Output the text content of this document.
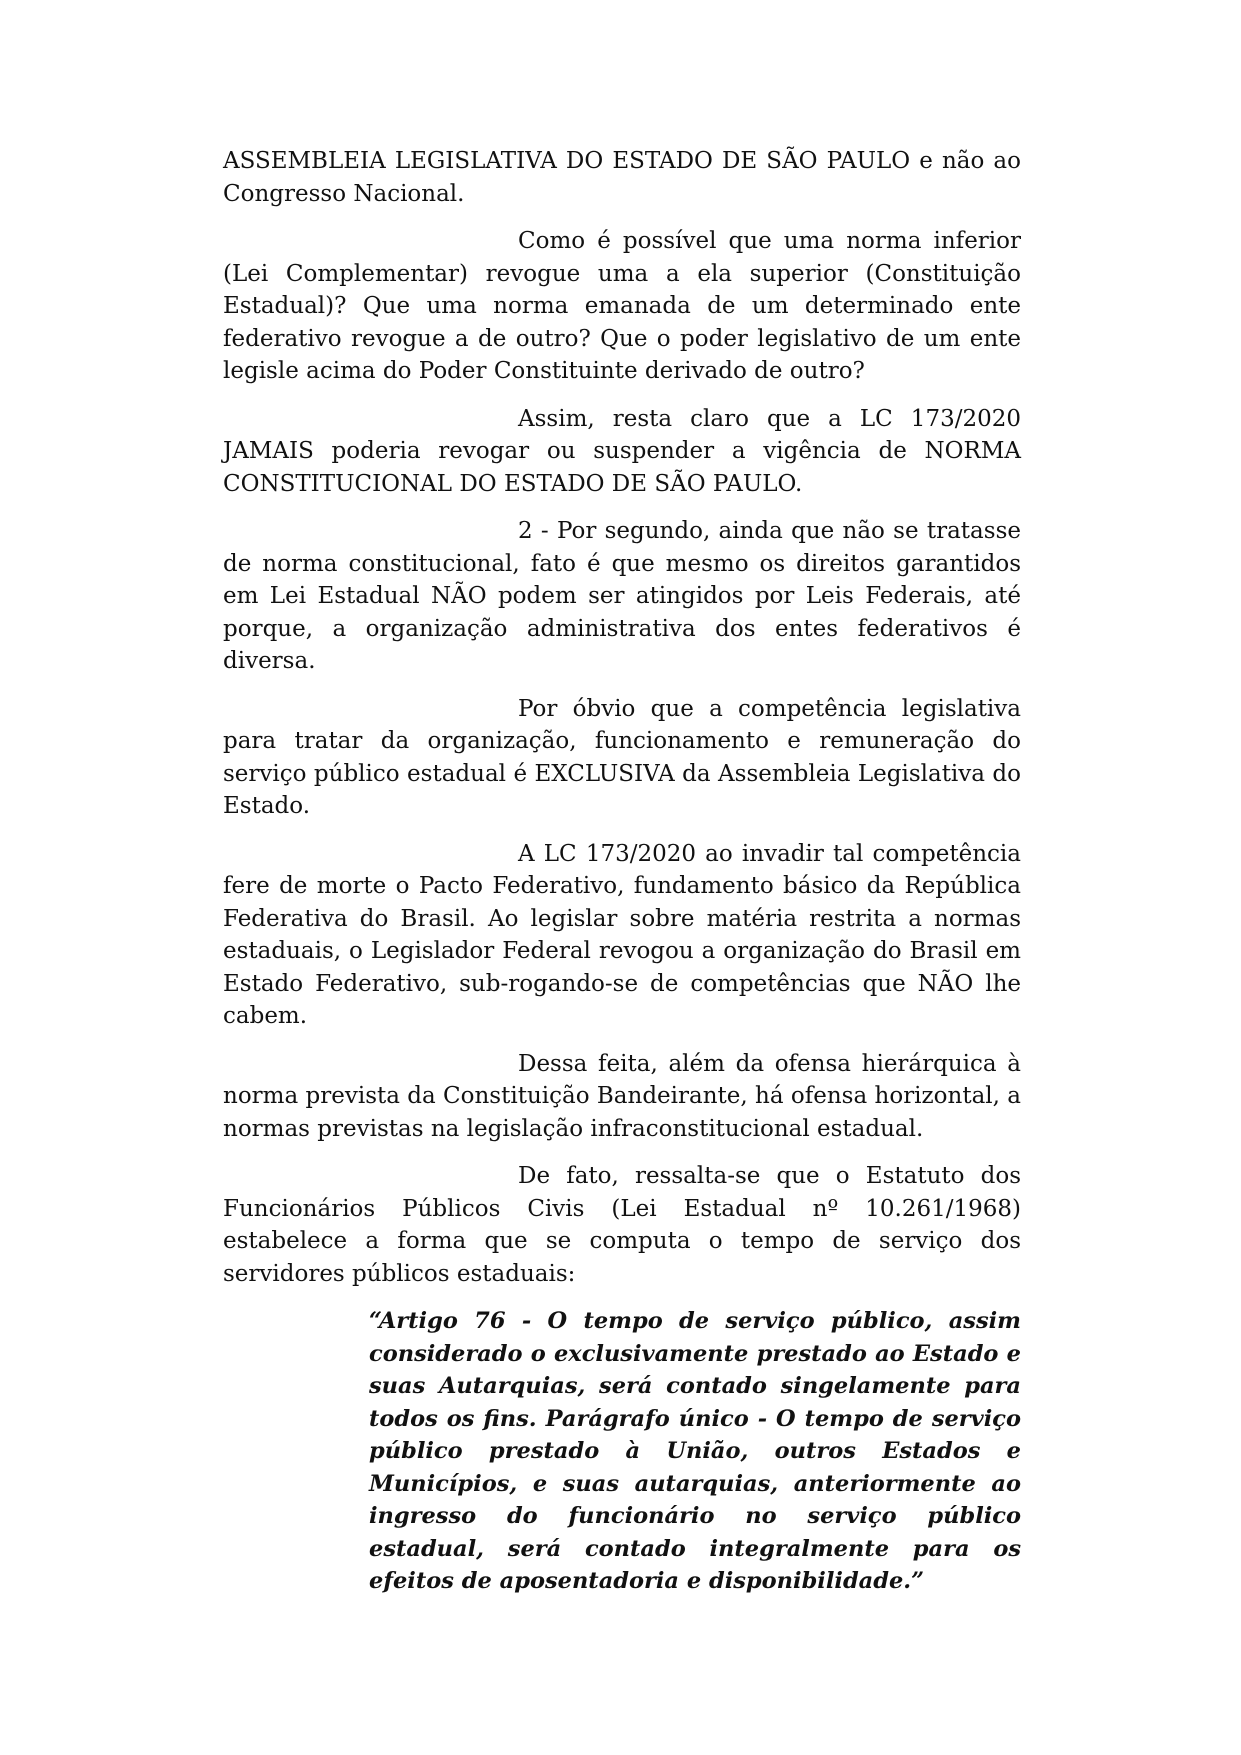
ASSEMBLEIA LEGISLATIVA DO ESTADO DE SÃO PAULO e não ao Congresso Nacional.

Como é possível que uma norma inferior (Lei Complementar) revogue uma a ela superior (Constituição Estadual)? Que uma norma emanada de um determinado ente federativo revogue a de outro? Que o poder legislativo de um ente legisle acima do Poder Constituinte derivado de outro?

Assim, resta claro que a LC 173/2020 JAMAIS poderia revogar ou suspender a vigência de NORMA CONSTITUCIONAL DO ESTADO DE SÃO PAULO.

2 - Por segundo, ainda que não se tratasse de norma constitucional, fato é que mesmo os direitos garantidos em Lei Estadual NÃO podem ser atingidos por Leis Federais, até porque, a organização administrativa dos entes federativos é diversa.

Por óbvio que a competência legislativa para tratar da organização, funcionamento e remuneração do serviço público estadual é EXCLUSIVA da Assembleia Legislativa do Estado.

A LC 173/2020 ao invadir tal competência fere de morte o Pacto Federativo, fundamento básico da República Federativa do Brasil. Ao legislar sobre matéria restrita a normas estaduais, o Legislador Federal revogou a organização do Brasil em Estado Federativo, sub-rogando-se de competências que NÃO lhe cabem.

Dessa feita, além da ofensa hierárquica à norma prevista da Constituição Bandeirante, há ofensa horizontal, a normas previstas na legislação infraconstitucional estadual.

De fato, ressalta-se que o Estatuto dos Funcionários Públicos Civis (Lei Estadual nº 10.261/1968) estabelece a forma que se computa o tempo de serviço dos servidores públicos estaduais:

“Artigo 76 - O tempo de serviço público, assim considerado o exclusivamente prestado ao Estado e suas Autarquias, será contado singelamente para todos os fins. Parágrafo único - O tempo de serviço público prestado à União, outros Estados e Municípios, e suas autarquias, anteriormente ao ingresso do funcionário no serviço público estadual, será contado integralmente para os efeitos de aposentadoria e disponibilidade.”
